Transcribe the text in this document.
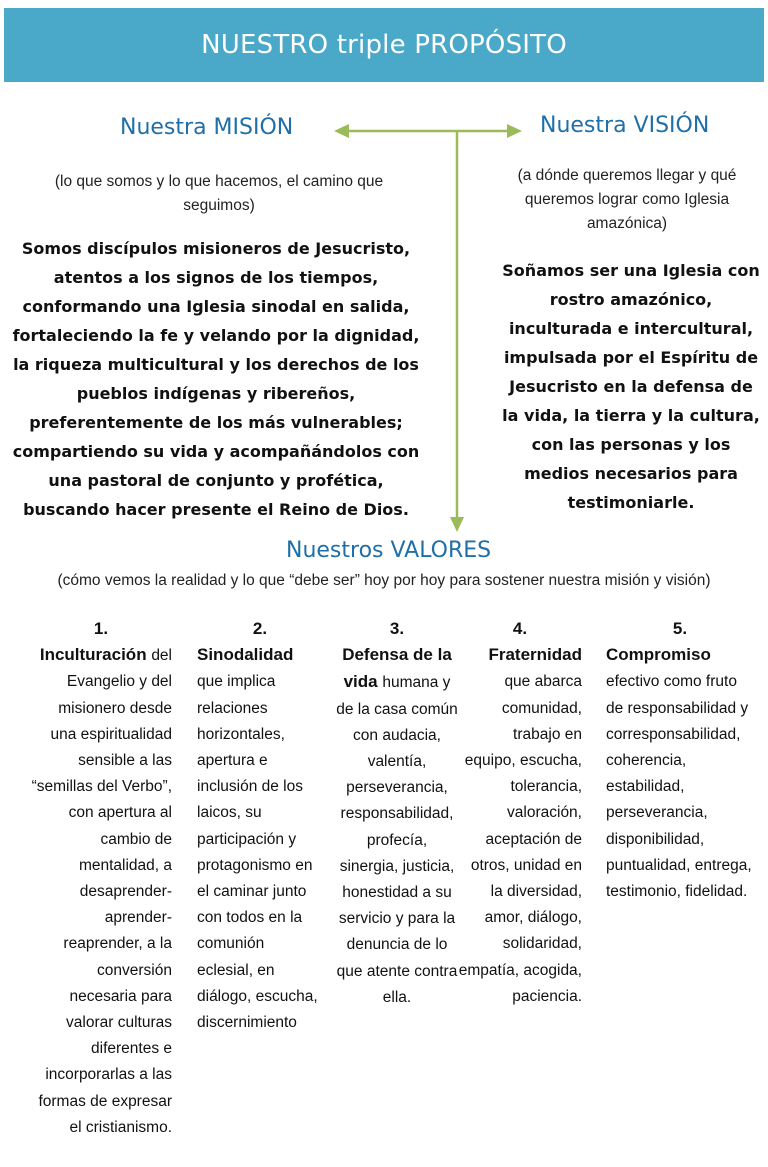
NUESTRO triple PROPÓSITO
Nuestra MISIÓN
(lo que somos y lo que hacemos, el camino que seguimos)
Somos discípulos misioneros de Jesucristo, atentos a los signos de los tiempos, conformando una Iglesia sinodal en salida, fortaleciendo la fe y velando por la dignidad, la riqueza multicultural y los derechos de los pueblos indígenas y ribereños, preferentemente de los más vulnerables; compartiendo su vida y acompañándolos con una pastoral de conjunto y profética, buscando hacer presente el Reino de Dios.
Nuestra VISIÓN
(a dónde queremos llegar y qué queremos lograr como Iglesia amazónica)
Soñamos ser una Iglesia con rostro amazónico, inculturada e intercultural, impulsada por el Espíritu de Jesucristo en la defensa de la vida, la tierra y la cultura, con las personas y los medios necesarios para testimoniarle.
Nuestros VALORES
(cómo vemos la realidad y lo que “debe ser” hoy por hoy para sostener nuestra misión y visión)
1.
Inculturación del Evangelio y del misionero desde una espiritualidad sensible a las “semillas del Verbo”, con apertura al cambio de mentalidad, a desaprender-aprender-reaprender, a la conversión necesaria para valorar culturas diferentes e incorporarlas a las formas de expresar el cristianismo.
2.
Sinodalidad que implica relaciones horizontales, apertura e inclusión de los laicos, su participación y protagonismo en el caminar junto con todos en la comunión eclesial, en diálogo, escucha, discernimiento
3.
Defensa de la vida humana y de la casa común con audacia, valentía, perseverancia, responsabilidad, profecía, sinergia, justicia, honestidad a su servicio y para la denuncia de lo que atente contra ella.
4.
Fraternidad que abarca comunidad, trabajo en equipo, escucha, tolerancia, valoración, aceptación de otros, unidad en la diversidad, amor, diálogo, solidaridad, empatía, acogida, paciencia.
5.
Compromiso efectivo como fruto de responsabilidad y corresponsabilidad, coherencia, estabilidad, perseverancia, disponibilidad, puntualidad, entrega, testimonio, fidelidad.
